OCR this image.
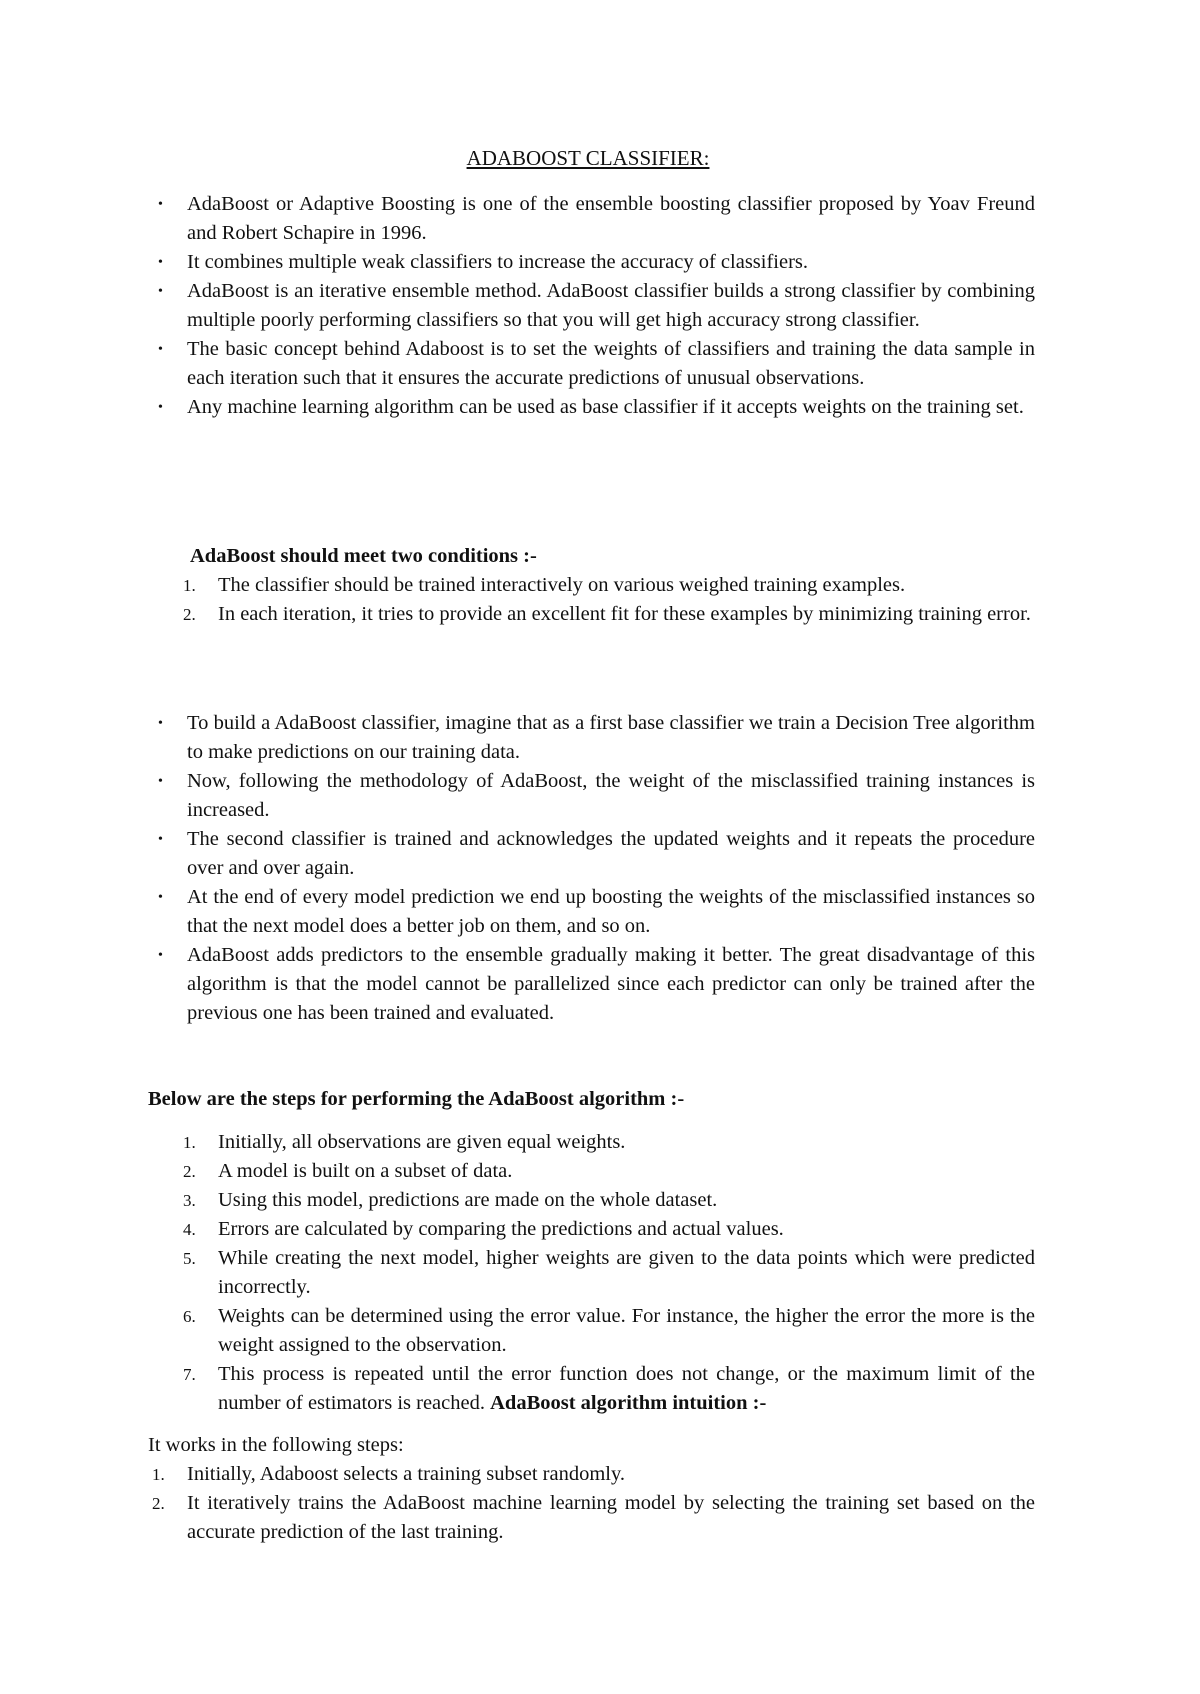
ADABOOST CLASSIFIER:
• AdaBoost or Adaptive Boosting is one of the ensemble boosting classifier proposed by Yoav Freund and Robert Schapire in 1996.
• It combines multiple weak classifiers to increase the accuracy of classifiers.
• AdaBoost is an iterative ensemble method. AdaBoost classifier builds a strong classifier by combining multiple poorly performing classifiers so that you will get high accuracy strong classifier.
• The basic concept behind Adaboost is to set the weights of classifiers and training the data sample in each iteration such that it ensures the accurate predictions of unusual observations.
• Any machine learning algorithm can be used as base classifier if it accepts weights on the training set.
AdaBoost should meet two conditions :-
1.	The classifier should be trained interactively on various weighed training examples.
2.	In each iteration, it tries to provide an excellent fit for these examples by minimizing training error.
• To build a AdaBoost classifier, imagine that as a first base classifier we train a Decision Tree algorithm to make predictions on our training data.
• Now, following the methodology of AdaBoost, the weight of the misclassified training instances is increased.
• The second classifier is trained and acknowledges the updated weights and it repeats the procedure over and over again.
• At the end of every model prediction we end up boosting the weights of the misclassified instances so that the next model does a better job on them, and so on.
• AdaBoost adds predictors to the ensemble gradually making it better. The great disadvantage of this algorithm is that the model cannot be parallelized since each predictor can only be trained after the previous one has been trained and evaluated.
Below are the steps for performing the AdaBoost algorithm :-
1.	Initially, all observations are given equal weights.
2.	A model is built on a subset of data.
3.	Using this model, predictions are made on the whole dataset.
4.	Errors are calculated by comparing the predictions and actual values.
5.	While creating the next model, higher weights are given to the data points which were predicted incorrectly.
6.	Weights can be determined using the error value. For instance, the higher the error the more is the weight assigned to the observation.
7.	This process is repeated until the error function does not change, or the maximum limit of the number of estimators is reached. AdaBoost algorithm intuition :-
It works in the following steps:
1.	Initially, Adaboost selects a training subset randomly.
2.	It iteratively trains the AdaBoost machine learning model by selecting the training set based on the accurate prediction of the last training.
